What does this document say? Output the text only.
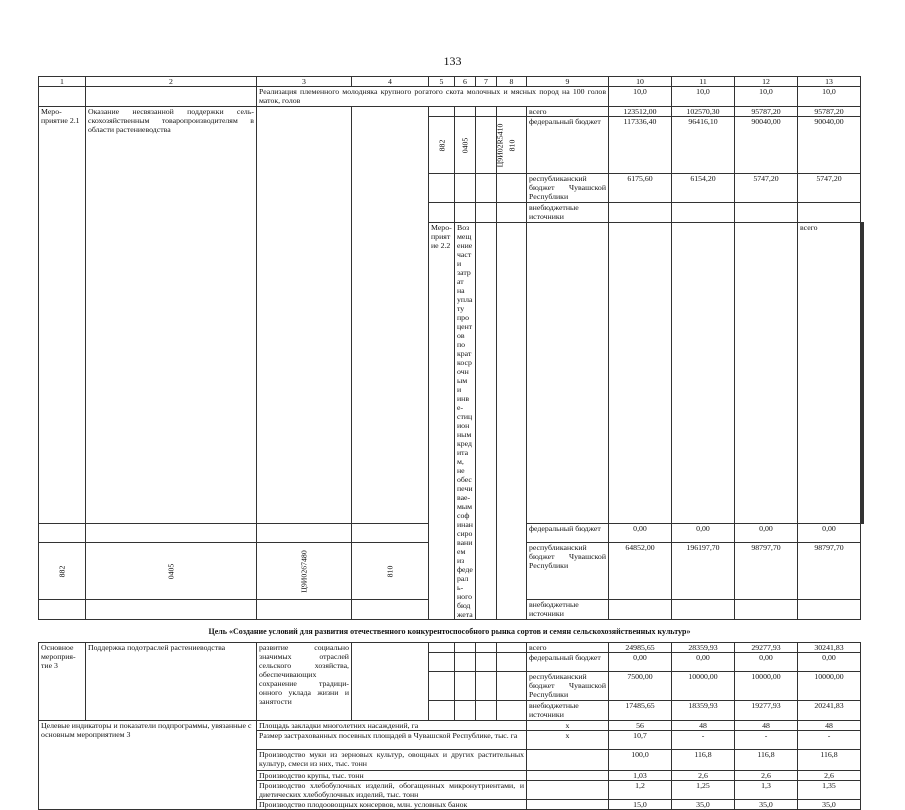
133
1	2	3	4	5	6	7	8	9	10	11	12	13		
		Реализация племенного молодняка крупного рогатого скота молочных и мясных пород на 100 голов маток, голов							10,0	10,0	10,0	10,0		
Мероприятие 2.1	Оказание несвязанной поддержки сельскохозяйственным товаропроизводителям в области растениеводства							всего	123512,00	102570,30	95787,20	95787,20		
				882	0405	Ц9И02R5410	810	федеральный бюджет	117336,40	96416,10	90040,00	90040,00		
								республиканский бюджет Чувашской Республики	6175,60	6154,20	5747,20	5747,20		
								внебюджетные источники						
				Мероприятие 2.2	Возмещение части затрат на уплату процентов по краткосрочным и инвестиционным кредитам, не обеспечиваемым софинансированием из федерального бюджета							всего				
								федеральный бюджет	0,00	0,00	0,00	0,00		
882	0405	Ц9И0267480	810					республиканский бюджет Чувашской Республики	64852,00	196197,70	98797,70	98797,70		
								внебюджетные источники						
Цель «Создание условий для развития отечественного конкурентоспособного рынка сортов и семян сельскохозяйственных культур»														
Основное мероприятие 3	Поддержка подотраслей растениеводства	развитие социально значимых отраслей сельского хозяйства, обеспечивающих сохранение традиционного уклада жизни и занятости						всего	24985,65	28359,93	29277,93	30241,83		
								федеральный бюджет	0,00	0,00	0,00	0,00		
								республиканский бюджет Чувашской Республики	7500,00	10000,00	10000,00	10000,00		
								внебюджетные источники	17485,65	18359,93	19277,93	20241,83		
Целевые индикаторы и показатели подпрограммы, увязанные с основным мероприятием 3		Площадь закладки многолетних насаждений, га						х	56	48	48	48		
		Размер застрахованных посевных площадей в Чувашской Республике, тыс. га						х	10,7	-	-	-		
		Производство муки из зерновых культур, овощных и других растительных культур, смеси из них, тыс. тонн							100,0	116,8	116,8	116,8		
		Производство крупы, тыс. тонн							1,03	2,6	2,6	2,6		
		Производство хлебобулочных изделий, обогащенных микронутриентами, и диетических хлебобулочных изделий, тыс. тонн							1,2	1,25	1,3	1,35		
		Производство плодоовощных консервов, млн. условных банок							15,0	35,0	35,0	35,0		
